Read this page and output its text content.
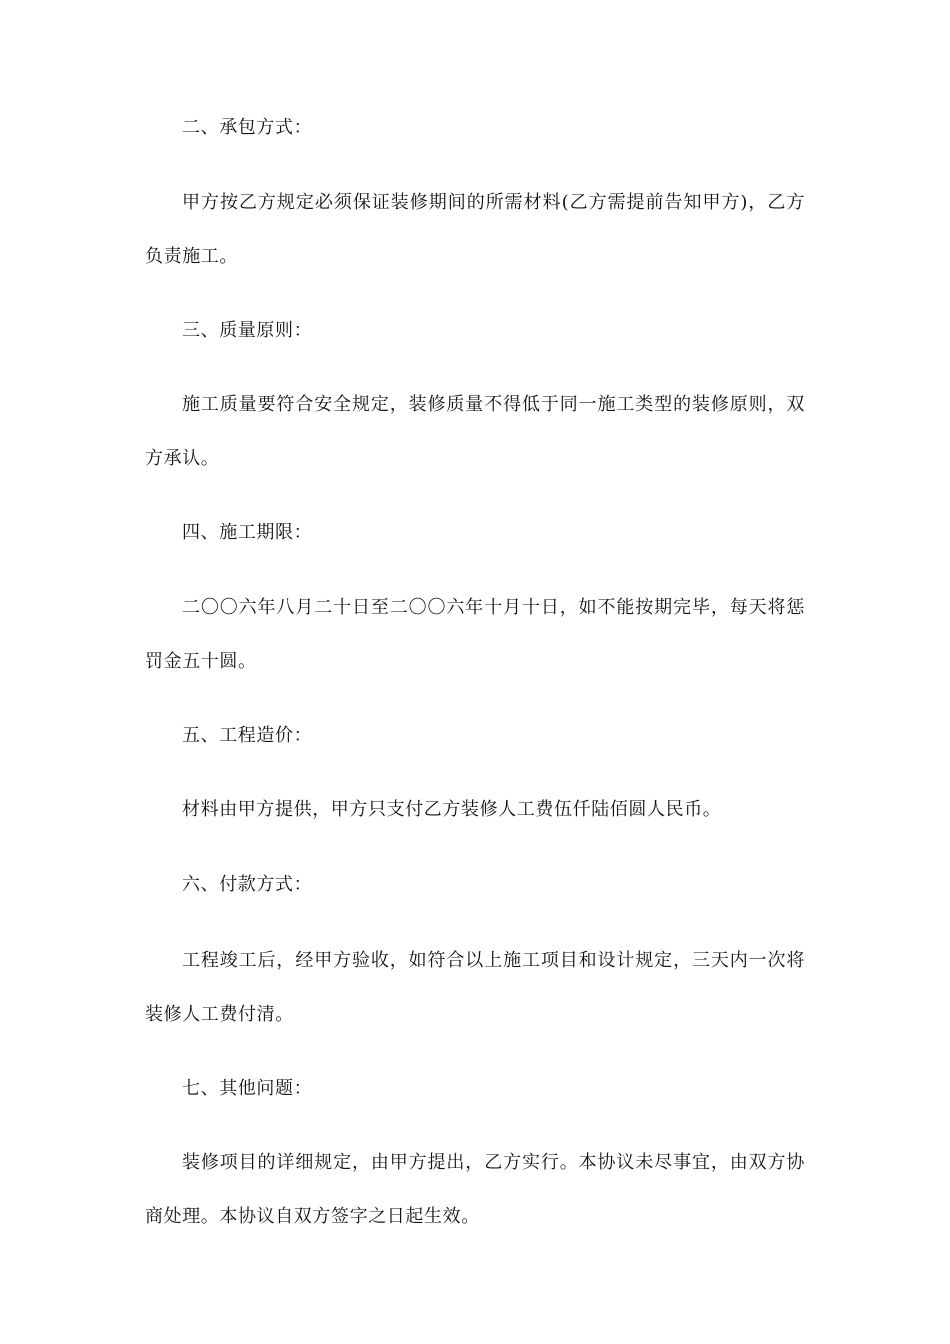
二、承包方式：

甲方按乙方规定必须保证装修期间的所需材料(乙方需提前告知甲方)，乙方负责施工。

三、质量原则：

施工质量要符合安全规定，装修质量不得低于同一施工类型的装修原则，双方承认。

四、施工期限：

二〇〇六年八月二十日至二〇〇六年十月十日，如不能按期完毕，每天将惩罚金五十圆。

五、工程造价：

材料由甲方提供，甲方只支付乙方装修人工费伍仟陆佰圆人民币。

六、付款方式：

工程竣工后，经甲方验收，如符合以上施工项目和设计规定，三天内一次将装修人工费付清。

七、其他问题：

装修项目的详细规定，由甲方提出，乙方实行。本协议未尽事宜，由双方协商处理。本协议自双方签字之日起生效。
